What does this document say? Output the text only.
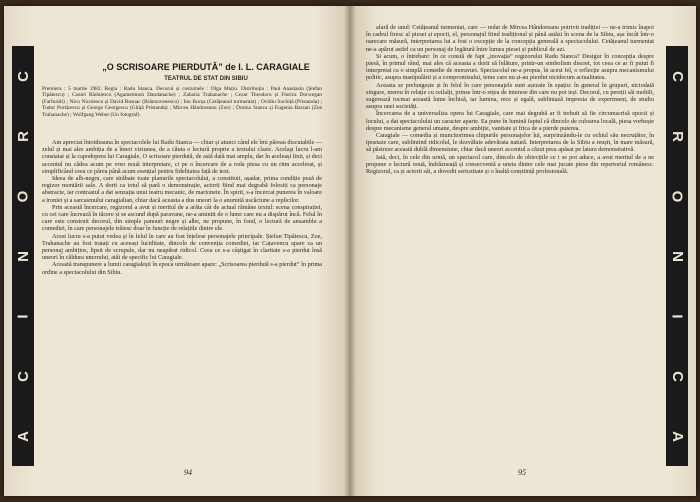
C
R
O
N
I
C
A
„O SCRISOARE PIERDUTĂ” de I. L. CARAGIALE
TEATRUL DE STAT DIN SIBIU
Premiera : 5 martie 1982. Regia : Radu Stanca. Decorul și costumele : Olga Muțiu. Distribuția : Paul Anastasiu (Ștefan Tipătescu) ; Costel Rădulescu (Agamemnon Dandanache) ; Zaharia Trahanache ; Cezar Theodoru și Florica Dorwegan (Farfuridi) ; Nicu Nicolescu și David Rusnac (Brânzovenescu) ; Ion Bocșa (Cetățeanul turmentat) ; Ovidiu Suchiță (Pristanda) ; Tudor Portărescu și George Georgescu (Ghiță Pristanda) ; Mircea Hândoreanu (Zoe) ; Dorina Stanca și Eugenia Barzan (Zoe Trahanache) ; Wolfgang Weber (Un fotograf).

Am apreciat întotdeauna în spectacolele lui Radu Stanca — chiar și atunci când ele îmi păreau discutabile — zelul și mai ales ambiția de a înnoi viziunea, de a căuta o lectură proprie a textului clasic. Acelaşi lucru l-am constatat și la capodopera lui Caragiale, O scrisoare pierdută, de astă dată mai amplu, dar în aceleași linii, și deci accentul nu cădea acum pe vreo nouă interpretare, ci pe o încercare de a reda piesa cu un ritm accelerat, și simplificând ceea ce părea până acum esențial pentru fidelitatea față de text.

Ideea de alb-negru, care străbate toate planurile spectacolului, a constituit, așadar, prima condiție pusă de regizor montării sale. A dorit ca totul să pară o demonstrație, actorii fiind mai degrabă folosiți ca personaje abstracte, iar contrastul a dat senzația unui teatru mecanic, de marionete. În spirit, s-a încercat punerea în valoare a ironiei și a sarcasmului caragialian, chiar dacă aceasta a dus uneori la o anumită uscăciune a replicilor.

Prin această încercare, regizorul a avut și meritul de a arăta cât de actual rămâne textul: scena conspirației, cu cei care lucrează în tăcere și se ascund după paravane, ne-a amintit de o lume care nu a dispărut încă. Felul în care este construit decorul, din simple panouri negre și albe, ne propune, în fond, o lectură de ansamblu a comediei, în care personajele trăiesc doar în funcție de relațiile dintre ele.

Acest lucru s-a putut vedea și în felul în care au fost înțelese personajele principale. Ștefan Tipătescu, Zoe, Trahanache au fost tratați cu aceeași luciditate, dincolo de convenția comediei, iar Cațavencu apare ca un personaj ambițios, lipsit de scrupule, dar nu neapărat ridicol. Ceea ce s-a câștigat în claritate s-a pierdut însă uneori în căldura umorului, atât de specific lui Caragiale.

Această transpunere a lumii caragialești în epoca următoare apare: „Scrisoarea pierdută s-a pierdut” în prima ordine a spectacolului din Sibiu.

94

afară de unul: Cetățeanul turmentat, care — redat de Mircea Hândoreanu potrivit tradiției — ne-a trimis înapoi în cadrul firesc al piesei și epocii, el, personajul fiind tradițional și până astăzi în scena de la Sibiu, așa încât într-o oarecare măsură, interpretarea lui a fost o excepție de la concepția generală a spectacolului. Cetățeanul turmentat ne-a apărut astfel ca un personaj de legătură între lumea piesei și publicul de azi.

Si acum, o întrebare: în ce constă de fapt „inovația” regizorului Radu Stanca? Desigur în concepția despre piesă, în primul rând, mai ales că aceasta a dorit să înlăture, printr-un simbolism discret, tot ceea ce ar fi putut fi interpretat ca o simplă comedie de moravuri. Spectacolul ne-a propus, în acest fel, o reflecție asupra mecanismului politic, asupra manipulării și a compromisului, teme care nu și-au pierdut nicidecum actualitatea.

Aceasta se prelungește și în felul în care personajele sunt așezate în spațiu: în general în grupuri, niciodată singure, mereu în relație cu ceilalți, prinse într-o rețea de interese din care nu pot ieși. Decorul, cu pereții săi mobili, sugerează tocmai această lume închisă, iar lumina, rece și egală, subliniază impresia de experiment, de studiu asupra unei societăți.

Încercarea de a universaliza opera lui Caragiale, care mai degrabă ar fi trebuit să fie circumscrisă epocii și locului, a dat spectacolului un caracter aparte. Ea pune în lumină faptul că dincolo de culoarea locală, piesa vorbește despre mecanisme general umane, despre ambiție, vanitate și frica de a pierde puterea.

Caragiale — comedia și muncitorimea chipurile personajelor lui, surprinzându-le cu ochiul său necruțător, în ipostaze care, subliniind ridicolul, le dezvăluie adevărata natură. Interpretarea de la Sibiu a reușit, în mare măsură, să păstreze această dublă dimensiune, chiar dacă uneori accentul a căzut prea apăsat pe latura demonstrativă.

Iată, deci, în cele din urmă, un spectacol care, dincolo de obiecțiile ce i se pot aduce, a avut meritul de a ne propune o lectură nouă, îndrăzneață și consecventă a uneia dintre cele mai jucate piese din repertoriul românesc. Regizorul, ca și actorii săi, a dovedit seriozitate și o înaltă conștiință profesională.

C
R
O
N
I
C
A
95
